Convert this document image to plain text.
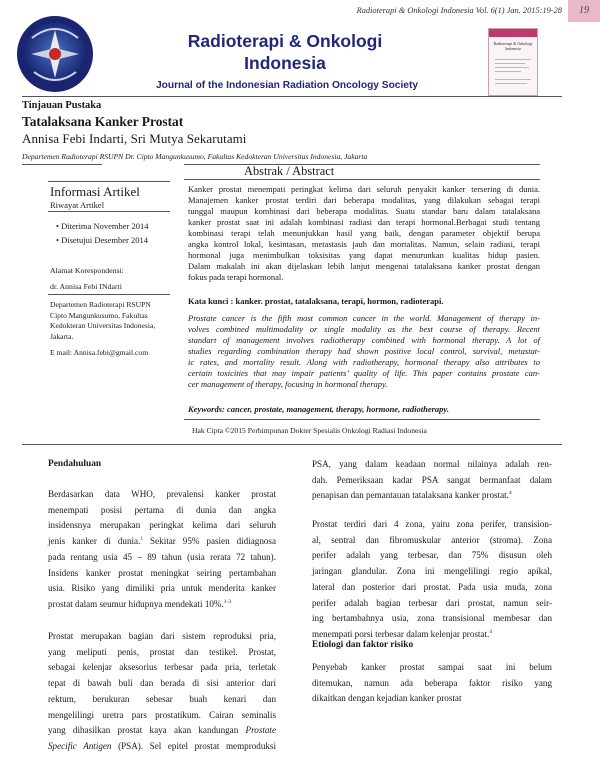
Radioterapi & Onkologi Indonesia Vol. 6(1) Jan. 2015:19-28	19
Radioterapi & Onkologi
Indonesia
Journal of the Indonesian Radiation Oncology Society
Radioterapi & Onkologi Indonesia
Tinjauan Pustaka
Tatalaksana Kanker Prostat
Annisa Febi Indarti, Sri Mutya Sekarutami
Departemen Radioterapi RSUPN Dr. Cipto Mangunkusumo, Fakultas Kedokteran Universitas Indonesia, Jakarta
Abstrak / Abstract
Informasi Artikel
Riwayat Artikel
• Diterima November 2014
• Disetujui Desember 2014
Alamat Korespondensi:
dr. Annisa Febi INdarti
Departemen Radioterapi RSUPN
Cipto Mangunkusumo, Fakultas
Kedokteran Universitas Indonesia,
Jakarta.
E mail: Annisa.febi@gmail.com
Kanker prostat menempati peringkat kelima dari seluruh penyakit kanker tersering di dunia.
Manajemen kanker prostat terdiri dari beberapa modalitas, yang dilakukan sebagai terapi
tunggal maupun kombinasi dari beberapa modalitas. Suatu standar baru dalam tatalaksana
kanker prostat saat ini adalah kombinasi radiasi dan terapi hormonal.Berbagai studi tentang
kombinasi terapi telah menunjukkan hasil yang baik, dengan parameter objektif berupa
angka kontrol lokal, kesintasan, metastasis jauh dan mortalitas. Namun, selain radiasi, terapi
hormonal juga menimbulkan toksisitas yang dapat menurunkan kualitas hidup pasien.
Dalam makalah ini akan dijelaskan lebih lanjut mengenai tatalaksana kanker prostat dengan
fokus pada terapi hormonal.
Kata kunci : kanker. prostat, tatalaksana, terapi, hormon, radioterapi.
Prostate cancer is the fifth most common cancer in the world. Management of therapy in-
volves combined multimodality or single modality as the best course of therapy. Recent
standart of management involves radiotherapy combined with hormonal therapy. A lot of
studies regarding combination therapy had shown positive local control, survival, metastat-
ic rates, and mortality result. Along with radiotherapy, hormonal therapy also attributes to
certain toxicities that may impair patients’ quality of life. This paper contains prostate can-
cer management of therapy, focusing in hormonal therapy.
Keywords: cancer, prostate, management, therapy, hormone, radiotherapy.
Hak Cipta ©2015 Perhimpunan Dokter Spesialis Onkologi Radiasi Indonesia
Pendahuluan
Berdasarkan data WHO, prevalensi kanker prostat
menempati posisi pertama di dunia dan angka
insidensnya merupakan peringkat kelima dari seluruh
jenis kanker di dunia.$^1$ Sekitar 95% pasien didiagnosa
pada rentang usia 45 – 89 tahun (usia rerata 72 tahun).
Insidens kanker prostat meningkat seiring pertambahan
usia. Risiko yang dimiliki pria untuk menderita kanker
prostat dalam seumur hidupnya mendekati 10%.$^{1-3}$
Prostat merupakan bagian dari sistem reproduksi pria,
yang meliputi penis, prostat dan testikel. Prostat,
sebagai kelenjar aksesorius terbesar pada pria, terletak
tepat di bawah buli dan berada di sisi anterior dari
rektum, berukuran sebesar buah kenari dan
mengelilingi uretra pars prostatikum. Cairan seminalis
yang dihasilkan prostat kaya akan kandungan Prostate
Specific Antigen (PSA). Sel epitel prostat memproduksi
PSA, yang dalam keadaan normal nilainya adalah ren-
dah. Pemeriksaan kadar PSA sangat bermanfaat dalam
penapisan dan pemantauan tatalaksana kanker prostat.$^4$
Prostat terdiri dari 4 zona, yaitu zona perifer, transision-
al, sentral dan fibromuskular anterior (stroma). Zona
perifer adalah yang terbesar, dan 75% disusun oleh
jaringan glandular. Zona ini mengelilingi regio apikal,
lateral dan posterior dari prostat. Pada usia muda, zona
perifer adalah bagian terbesar dari prostat, namun seir-
ing bertambahnya usia, zona transisional membesar dan
menempati porsi terbesar dalam kelenjar prostat.$^4$
Etiologi dan faktor risiko
Penyebab kanker prostat sampai saat ini belum
ditemukan, namun ada beberapa faktor risiko yang
dikaitkan dengan kejadian kanker prostat
